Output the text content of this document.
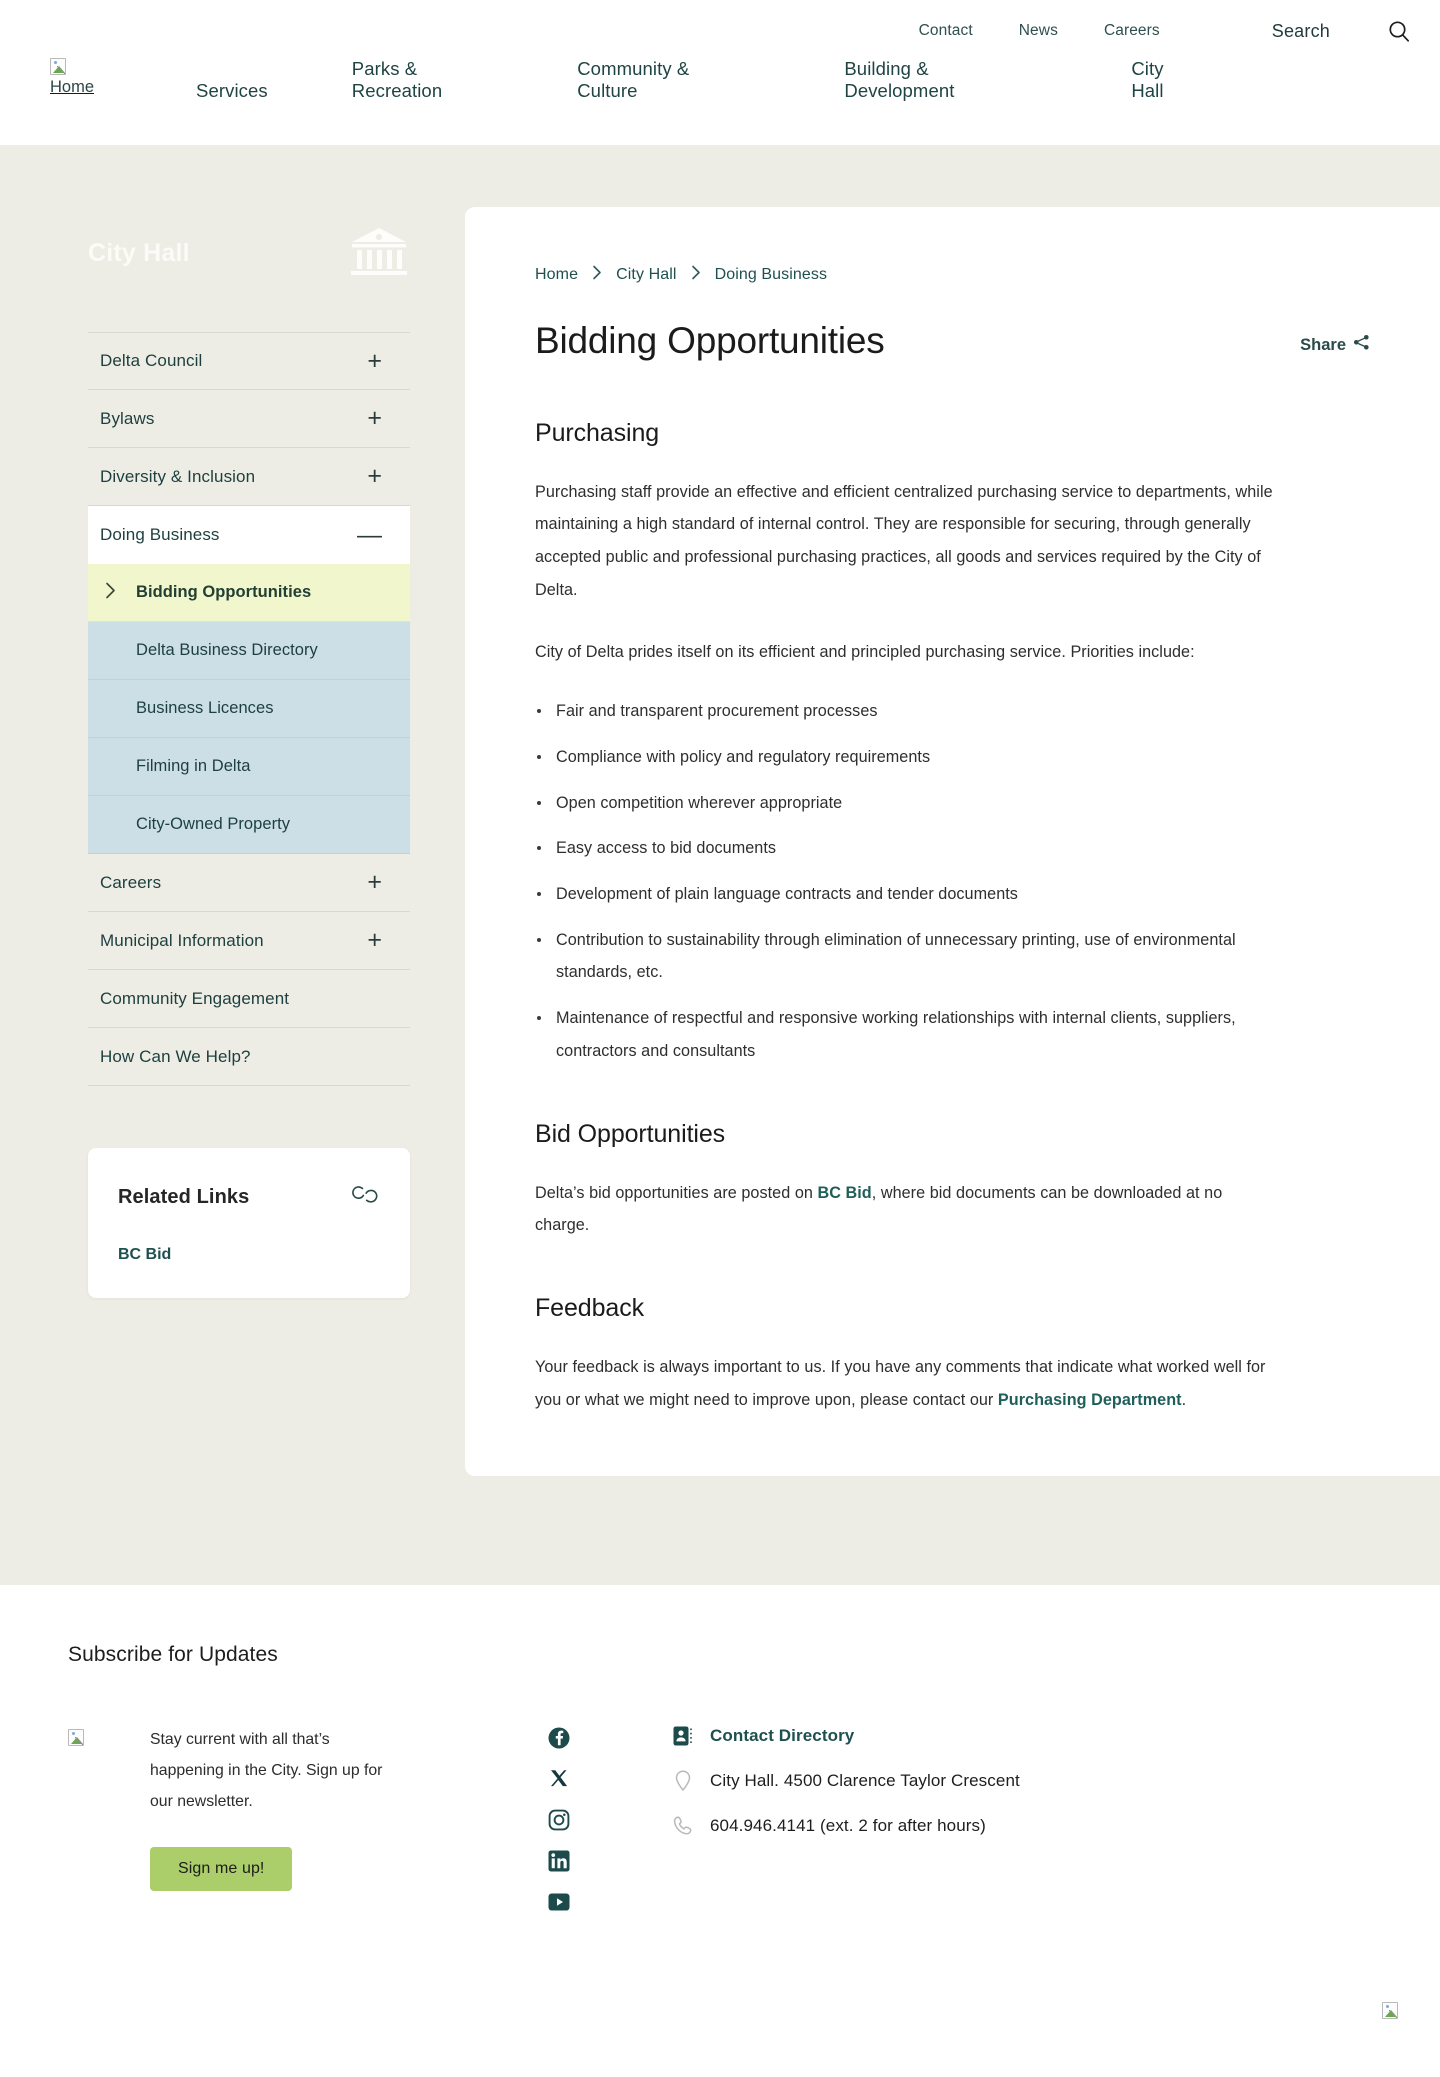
Contact	News	Careers	Search
Home	Services
Parks &
Recreation
Community &
Culture
Building &
Development
City
Hall
City Hall
Delta Council	+
Bylaws	+
Diversity & Inclusion	+
Doing Business	—
Bidding Opportunities
Delta Business Directory
Business Licences
Filming in Delta
City-Owned Property
Careers	+
Municipal Information	+
Community Engagement
How Can We Help?
Related Links
BC Bid
Home City Hall Doing Business
Bidding Opportunities	Share
Purchasing

Purchasing staff provide an effective and efficient centralized purchasing service to departments, while maintaining a high standard of internal control. They are responsible for securing, through generally accepted public and professional purchasing practices, all goods and services required by the City of Delta.

City of Delta prides itself on its efficient and principled purchasing service. Priorities include:

Fair and transparent procurement processes
Compliance with policy and regulatory requirements
Open competition wherever appropriate
Easy access to bid documents
Development of plain language contracts and tender documents
Contribution to sustainability through elimination of unnecessary printing, use of environmental standards, etc.
Maintenance of respectful and responsive working relationships with internal clients, suppliers, contractors and consultants
Bid Opportunities

Delta’s bid opportunities are posted on BC Bid, where bid documents can be downloaded at no charge.

Feedback

Your feedback is always important to us. If you have any comments that indicate what worked well for you or what we might need to improve upon, please contact our Purchasing Department.

Subscribe for Updates

Stay current with all that’s happening in the City. Sign up for our newsletter.

Sign me up!
Contact Directory
City Hall. 4500 Clarence Taylor Crescent
604.946.4141 (ext. 2 for after hours)
